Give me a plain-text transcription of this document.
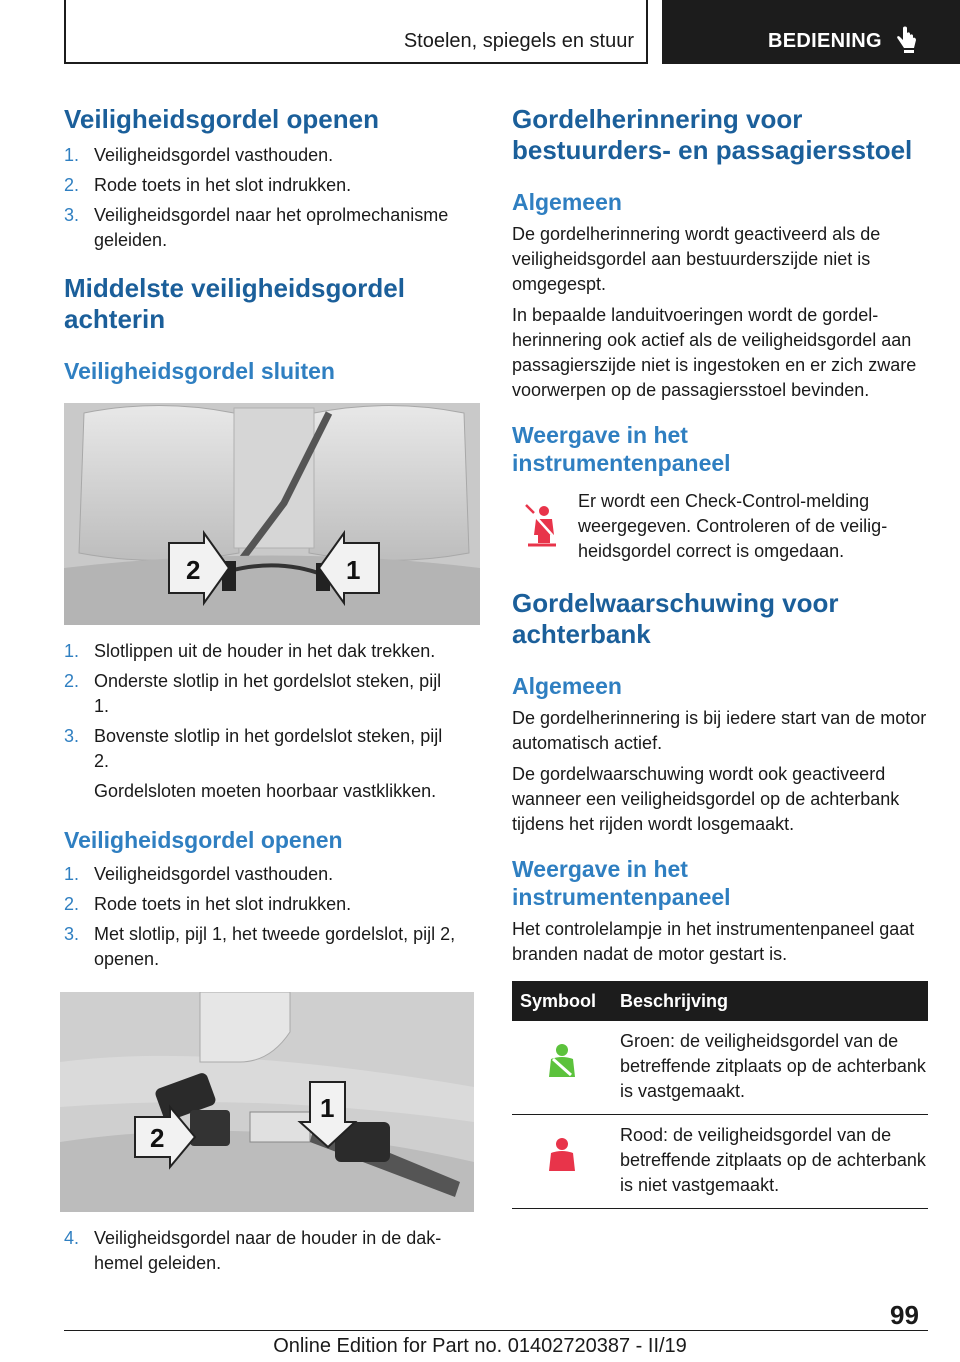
Stoelen, spiegels en stuur	BEDIENING
Veiligheidsgordel openen
1. Veiligheidsgordel vasthouden.
2. Rode toets in het slot indrukken.
3. Veiligheidsgordel naar het oprolmechanisme geleiden.
Middelste veiligheidsgordel achterin
Veiligheidsgordel sluiten
2	1
1. Slotlippen uit de houder in het dak trekken.
2. Onderste slotlip in het gordelslot steken, pijl 1.
3. Bovenste slotlip in het gordelslot steken, pijl 2.

Gordelsloten moeten hoorbaar vastklikken.

Veiligheidsgordel openen
1. Veiligheidsgordel vasthouden.
2. Rode toets in het slot indrukken.
3. Met slotlip, pijl 1, het tweede gordelslot, pijl 2, openen.
2
1
4. Veiligheidsgordel naar de houder in de dakhemel geleiden.
Gordelherinnering voor bestuurders- en passagiersstoel
Algemeen

De gordelherinnering wordt geactiveerd als de veiligheidsgordel aan bestuurderszijde niet is omgegespt.

In bepaalde landuitvoeringen wordt de gordelherinnering ook actief als de veiligheidsgordel aan passagierszijde niet is ingestoken en er zich zware voorwerpen op de passagiersstoel bevinden.

Weergave in het instrumentenpaneel

Er wordt een Check-Control-melding weergegeven. Controleren of de veiligheidsgordel correct is omgedaan.

Gordelwaarschuwing voor achterbank
Algemeen

De gordelherinnering is bij iedere start van de motor automatisch actief.

De gordelwaarschuwing wordt ook geactiveerd wanneer een veiligheidsgordel op de achterbank tijdens het rijden wordt losgemaakt.

Weergave in het instrumentenpaneel

Het controlelampje in het instrumentenpaneel gaat branden nadat de motor gestart is.

Symbool	Beschrijving
	Groen: de veiligheidsgordel van de betreffende zitplaats op de achterbank is vastgemaakt.
	Rood: de veiligheidsgordel van de betreffende zitplaats op de achterbank is niet vastgemaakt.
99
Online Edition for Part no. 01402720387 - II/19
